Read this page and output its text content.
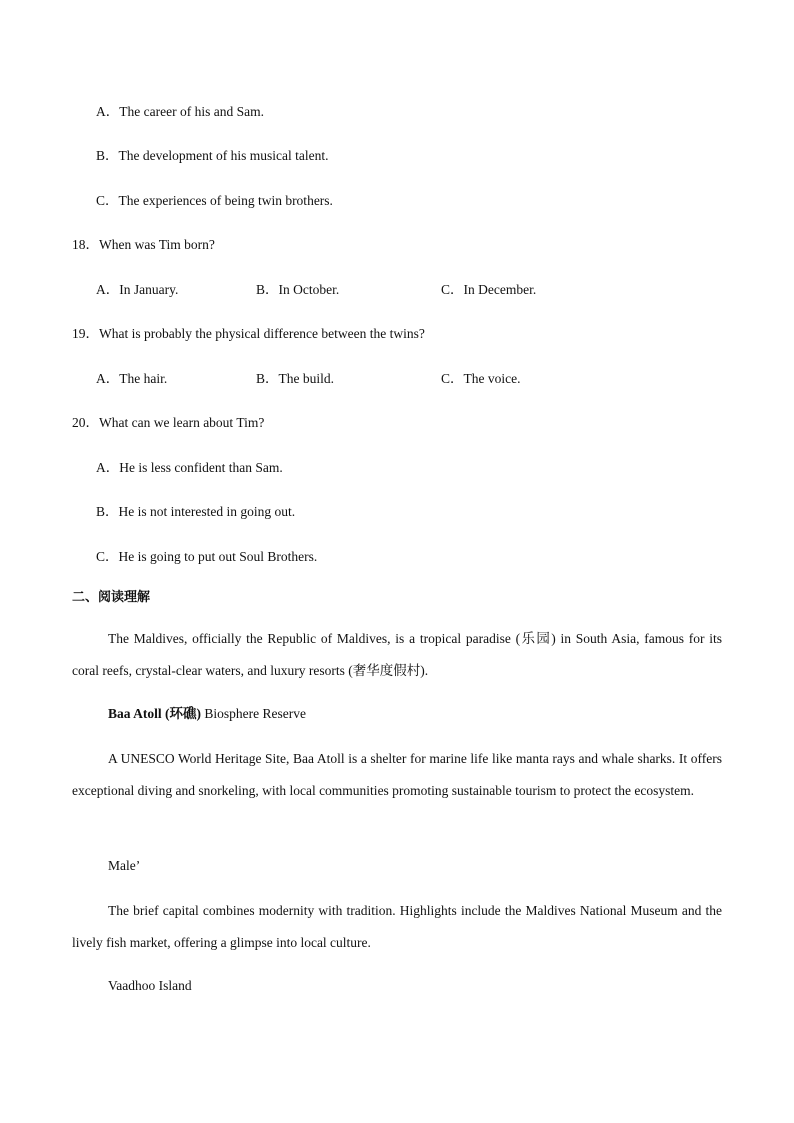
A．The career of his and Sam.
B．The development of his musical talent.
C．The experiences of being twin brothers.
18．When was Tim born?
A．In January.	B．In October.	C．In December.
19．What is probably the physical difference between the twins?
A．The hair.	B．The build.	C．The voice.
20．What can we learn about Tim?
A．He is less confident than Sam.
B．He is not interested in going out.
C．He is going to put out Soul Brothers.
二、阅读理解

The Maldives, officially the Republic of Maldives, is a tropical paradise (乐园) in South Asia, famous for its coral reefs, crystal-clear waters, and luxury resorts (奢华度假村).

Baa Atoll (环礁) Biosphere Reserve

A UNESCO World Heritage Site, Baa Atoll is a shelter for marine life like manta rays and whale sharks. It offers exceptional diving and snorkeling, with local communities promoting sustainable tourism to protect the ecosystem.

Male’

The brief capital combines modernity with tradition. Highlights include the Maldives National Museum and the lively fish market, offering a glimpse into local culture.

Vaadhoo Island
